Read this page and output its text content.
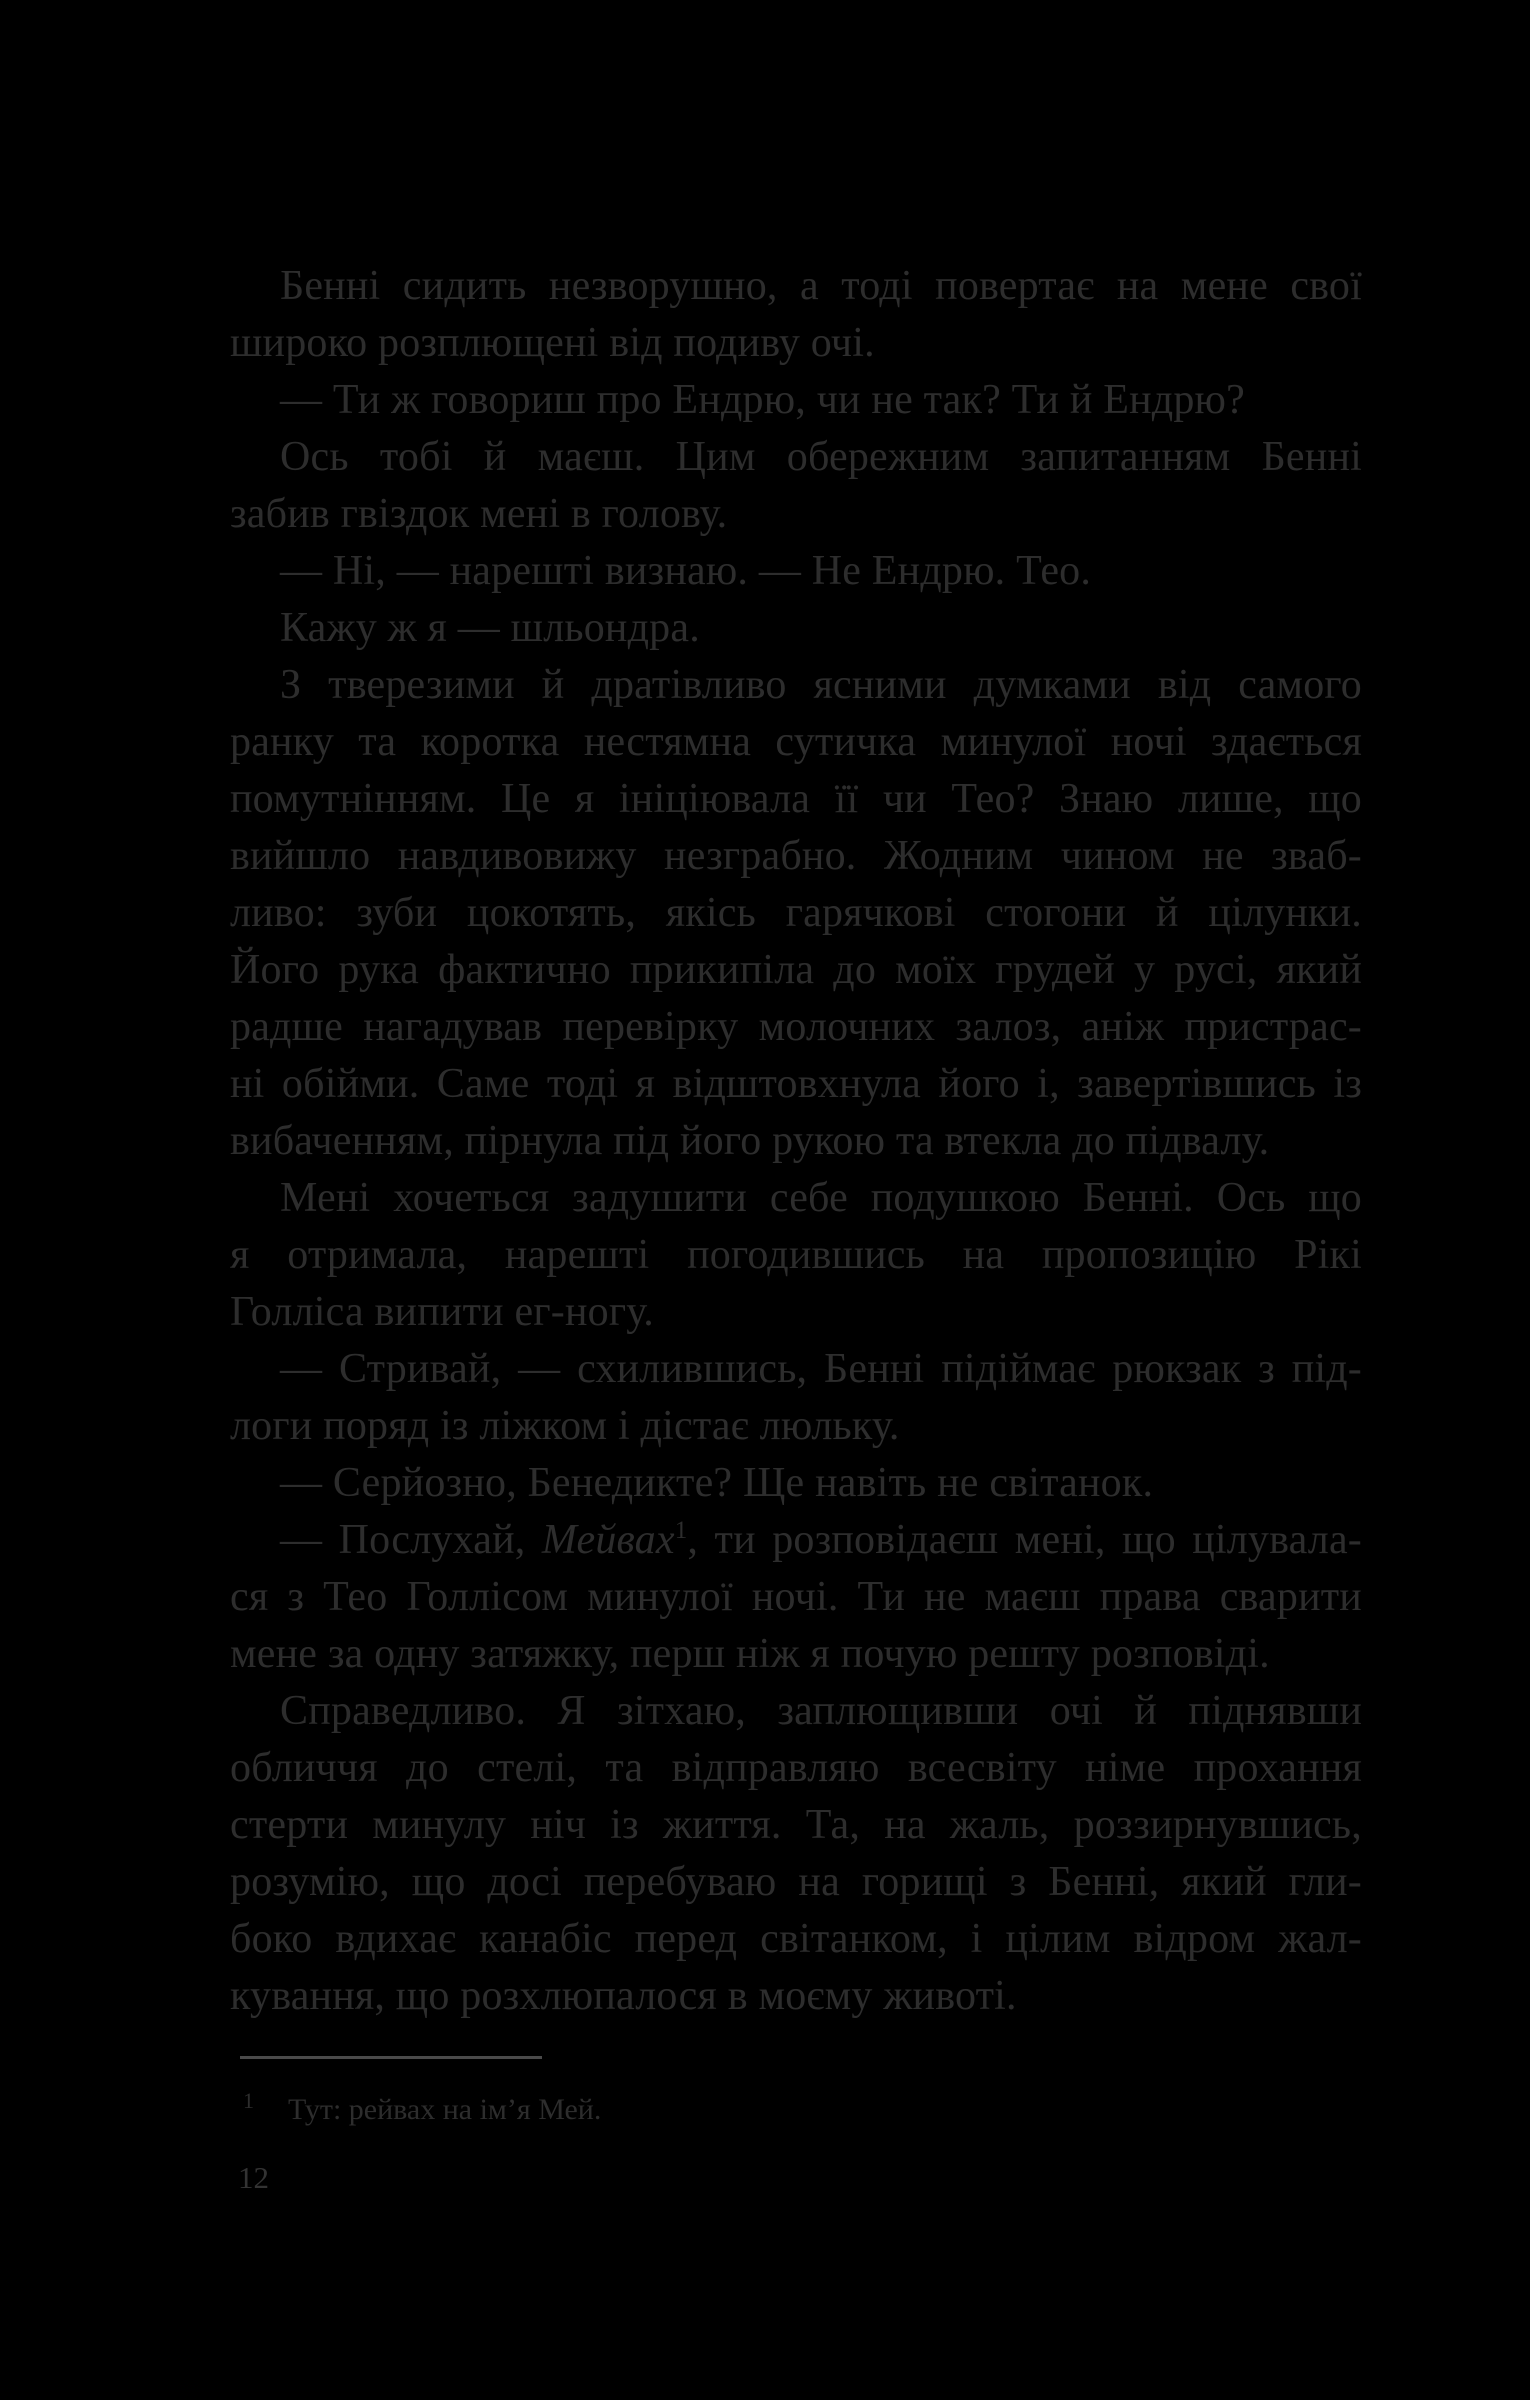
Бенні сидить незворушно, а тоді повертає на мене свої
широко розплющені від подиву очі.
— Ти ж говориш про Ендрю, чи не так? Ти й Ендрю?
Ось тобі й маєш. Цим обережним запитанням Бенні
забив гвіздок мені в голову.
— Ні, — нарешті визнаю. — Не Ендрю. Тео.
Кажу ж я — шльондра.
З тверезими й дратівливо ясними думками від самого
ранку та коротка нестямна сутичка минулої ночі здається
помутнінням. Це я ініціювала її чи Тео? Знаю лише, що
вийшло навдивовижу незграбно. Жодним чином не зваб-
ливо: зуби цокотять, якісь гарячкові стогони й цілунки.
Його рука фактично прикипіла до моїх грудей у русі, який
радше нагадував перевірку молочних залоз, аніж пристрас-
ні обійми. Саме тоді я відштовхнула його і, завертівшись із
вибаченням, пірнула під його рукою та втекла до підвалу.
Мені хочеться задушити себе подушкою Бенні. Ось що
я отримала, нарешті погодившись на пропозицію Рікі
Голліса випити ег-ногу.
— Стривай, — схилившись, Бенні підіймає рюкзак з під-
логи поряд із ліжком і дістає люльку.
— Серйозно, Бенедикте? Ще навіть не світанок.
— Послухай, Мейвах$^1$, ти розповідаєш мені, що цілувала-
ся з Тео Голлісом минулої ночі. Ти не маєш права сварити
мене за одну затяжку, перш ніж я почую решту розповіді.
Справедливо. Я зітхаю, заплющивши очі й піднявши
обличчя до стелі, та відправляю всесвіту німе прохання
стерти минулу ніч із життя. Та, на жаль, роззирнувшись,
розумію, що досі перебуваю на горищі з Бенні, який гли-
боко вдихає канабіс перед світанком, і цілим відром жал-
кування, що розхлюпалося в моєму животі.
1 Тут: рейвах на ім’я Мей.
12
